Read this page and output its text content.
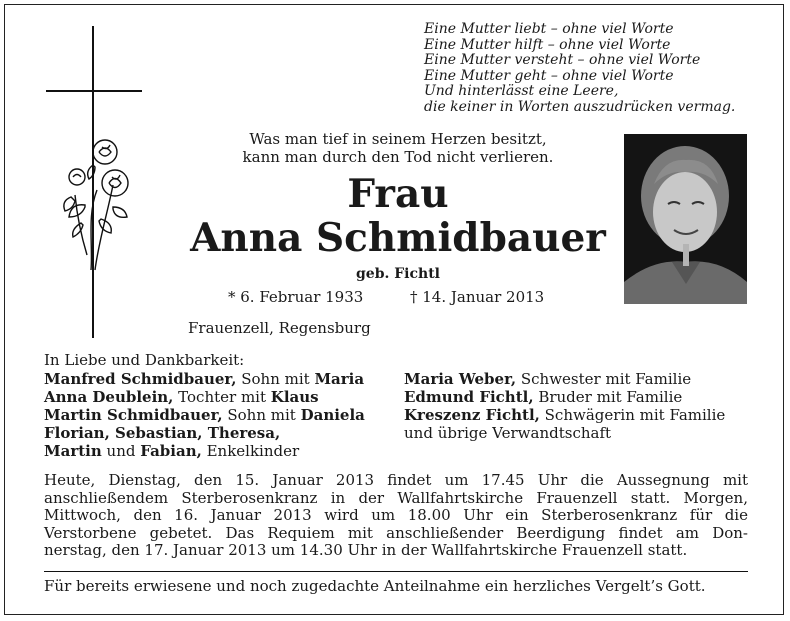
Eine Mutter liebt – ohne viel Worte
Eine Mutter hilft – ohne viel Worte
Eine Mutter versteht – ohne viel Worte
Eine Mutter geht – ohne viel Worte
Und hinterlässt eine Leere,
die keiner in Worten auszudrücken vermag.
Was man tief in seinem Herzen besitzt,
kann man durch den Tod nicht verlieren.
Frau
Anna Schmidbauer
geb. Fichtl
* 6. Februar 1933	† 14. Januar 2013
Frauenzell, Regensburg
In Liebe und Dankbarkeit:
Manfred Schmidbauer, Sohn mit Maria
Anna Deublein, Tochter mit Klaus
Martin Schmidbauer, Sohn mit Daniela
Florian, Sebastian, Theresa,
Martin und Fabian, Enkelkinder
Maria Weber, Schwester mit Familie
Edmund Fichtl, Bruder mit Familie
Kreszenz Fichtl, Schwägerin mit Familie
und übrige Verwandtschaft
Heute, Dienstag, den 15. Januar 2013 findet um 17.45 Uhr die Aussegnung mit
anschließendem Sterberosenkranz in der Wallfahrtskirche Frauenzell statt. Morgen,
Mittwoch, den 16. Januar 2013 wird um 18.00 Uhr ein Sterberosenkranz für die
Verstorbene gebetet. Das Requiem mit anschließender Beerdigung findet am Don-
nerstag, den 17. Januar 2013 um 14.30 Uhr in der Wallfahrtskirche Frauenzell statt.
Für bereits erwiesene und noch zugedachte Anteilnahme ein herzliches Vergelt’s Gott.
